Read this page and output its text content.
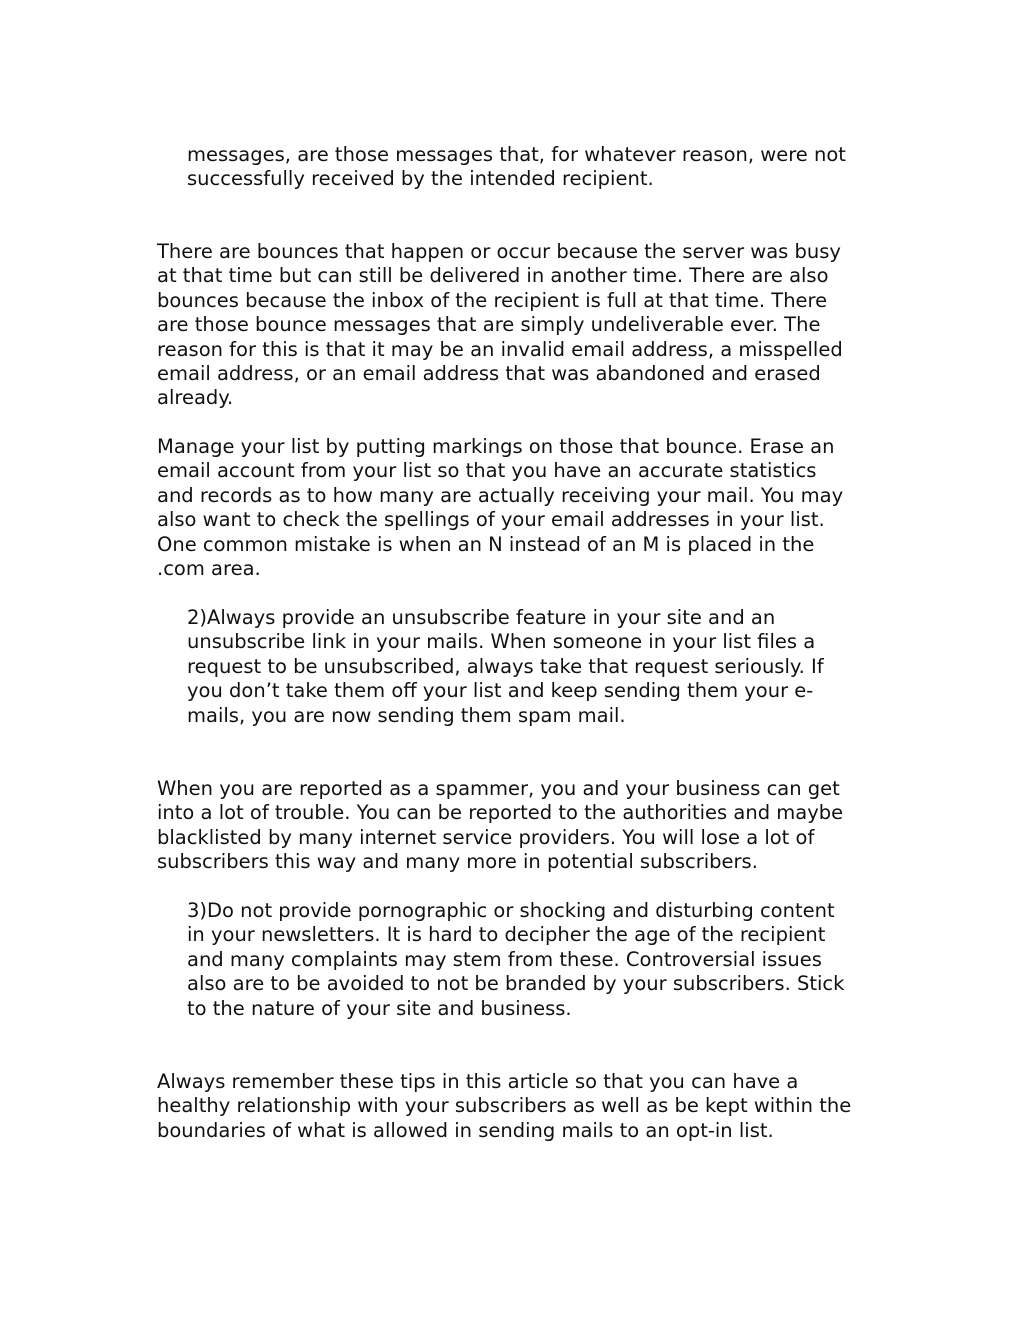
messages, are those messages that, for whatever reason, were not
successfully received by the intended recipient.

There are bounces that happen or occur because the server was busy
at that time but can still be delivered in another time. There are also
bounces because the inbox of the recipient is full at that time. There
are those bounce messages that are simply undeliverable ever. The
reason for this is that it may be an invalid email address, a misspelled
email address, or an email address that was abandoned and erased
already.

Manage your list by putting markings on those that bounce. Erase an
email account from your list so that you have an accurate statistics
and records as to how many are actually receiving your mail. You may
also want to check the spellings of your email addresses in your list.
One common mistake is when an N instead of an M is placed in the
.com area.

2)Always provide an unsubscribe feature in your site and an
unsubscribe link in your mails. When someone in your list files a
request to be unsubscribed, always take that request seriously. If
you don’t take them off your list and keep sending them your e-
mails, you are now sending them spam mail.

When you are reported as a spammer, you and your business can get
into a lot of trouble. You can be reported to the authorities and maybe
blacklisted by many internet service providers. You will lose a lot of
subscribers this way and many more in potential subscribers.

3)Do not provide pornographic or shocking and disturbing content
in your newsletters. It is hard to decipher the age of the recipient
and many complaints may stem from these. Controversial issues
also are to be avoided to not be branded by your subscribers. Stick
to the nature of your site and business.

Always remember these tips in this article so that you can have a
healthy relationship with your subscribers as well as be kept within the
boundaries of what is allowed in sending mails to an opt-in list.
